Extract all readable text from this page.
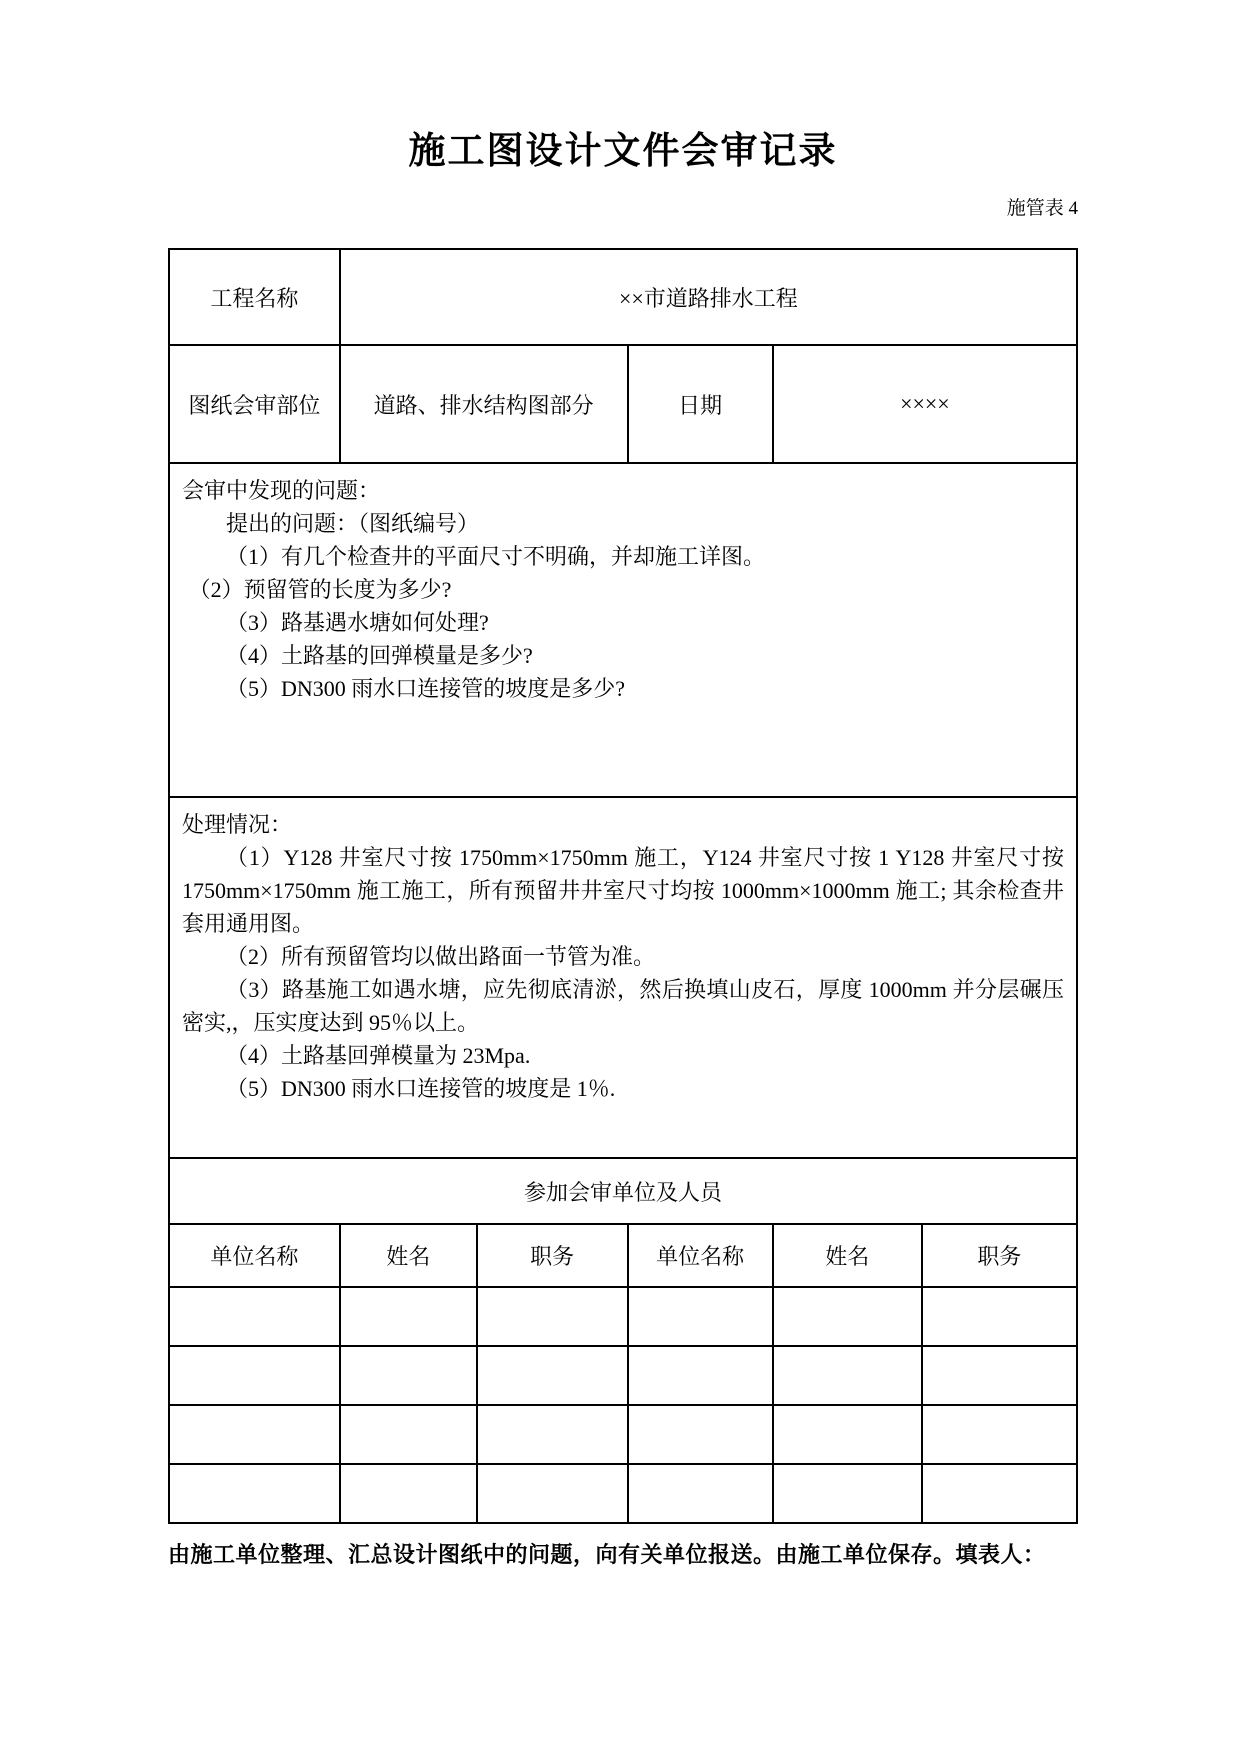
施工图设计文件会审记录
施管表 4
工程名称	××市道路排水工程				
图纸会审部位	道路、排水结构图部分		日期	××××	

会审中发现的问题：

提出的问题：（图纸编号）

（1）有几个检查井的平面尺寸不明确，并却施工详图。

（2）预留管的长度为多少?

（3）路基遇水塘如何处理?

（4）土路基的回弹模量是多少?

（5）DN300 雨水口连接管的坡度是多少?

处理情况：

（1）Y128 井室尺寸按 1750mm×1750mm 施工，Y124 井室尺寸按 1 Y128 井室尺寸按 1750mm×1750mm 施工施工，所有预留井井室尺寸均按 1000mm×1000mm 施工; 其余检查井套用通用图。

（2）所有预留管均以做出路面一节管为准。

（3）路基施工如遇水塘，应先彻底清淤，然后换填山皮石，厚度 1000mm 并分层碾压密实,，压实度达到 95％以上。

（4）土路基回弹模量为 23Mpa.

（5）DN300 雨水口连接管的坡度是 1％.

参加会审单位及人员					
单位名称	姓名	职务	单位名称	姓名	职务

由施工单位整理、汇总设计图纸中的问题，向有关单位报送。由施工单位保存。填表人：
